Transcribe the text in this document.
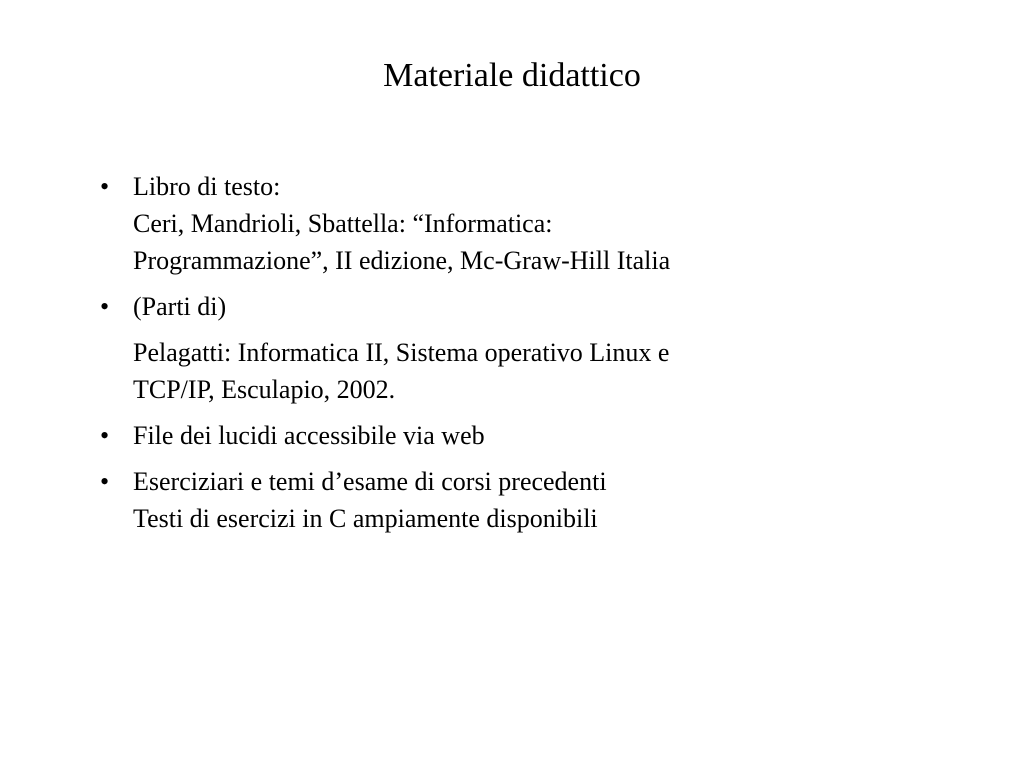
Materiale didattico
• Libro di testo:
Ceri, Mandrioli, Sbattella: “Informatica:
Programmazione”, II edizione, Mc-Graw-Hill Italia
• (Parti di)
Pelagatti: Informatica II, Sistema operativo Linux e
TCP/IP, Esculapio, 2002.
• File dei lucidi accessibile via web
• Eserciziari e temi d’esame di corsi precedenti
Testi di esercizi in C ampiamente disponibili
